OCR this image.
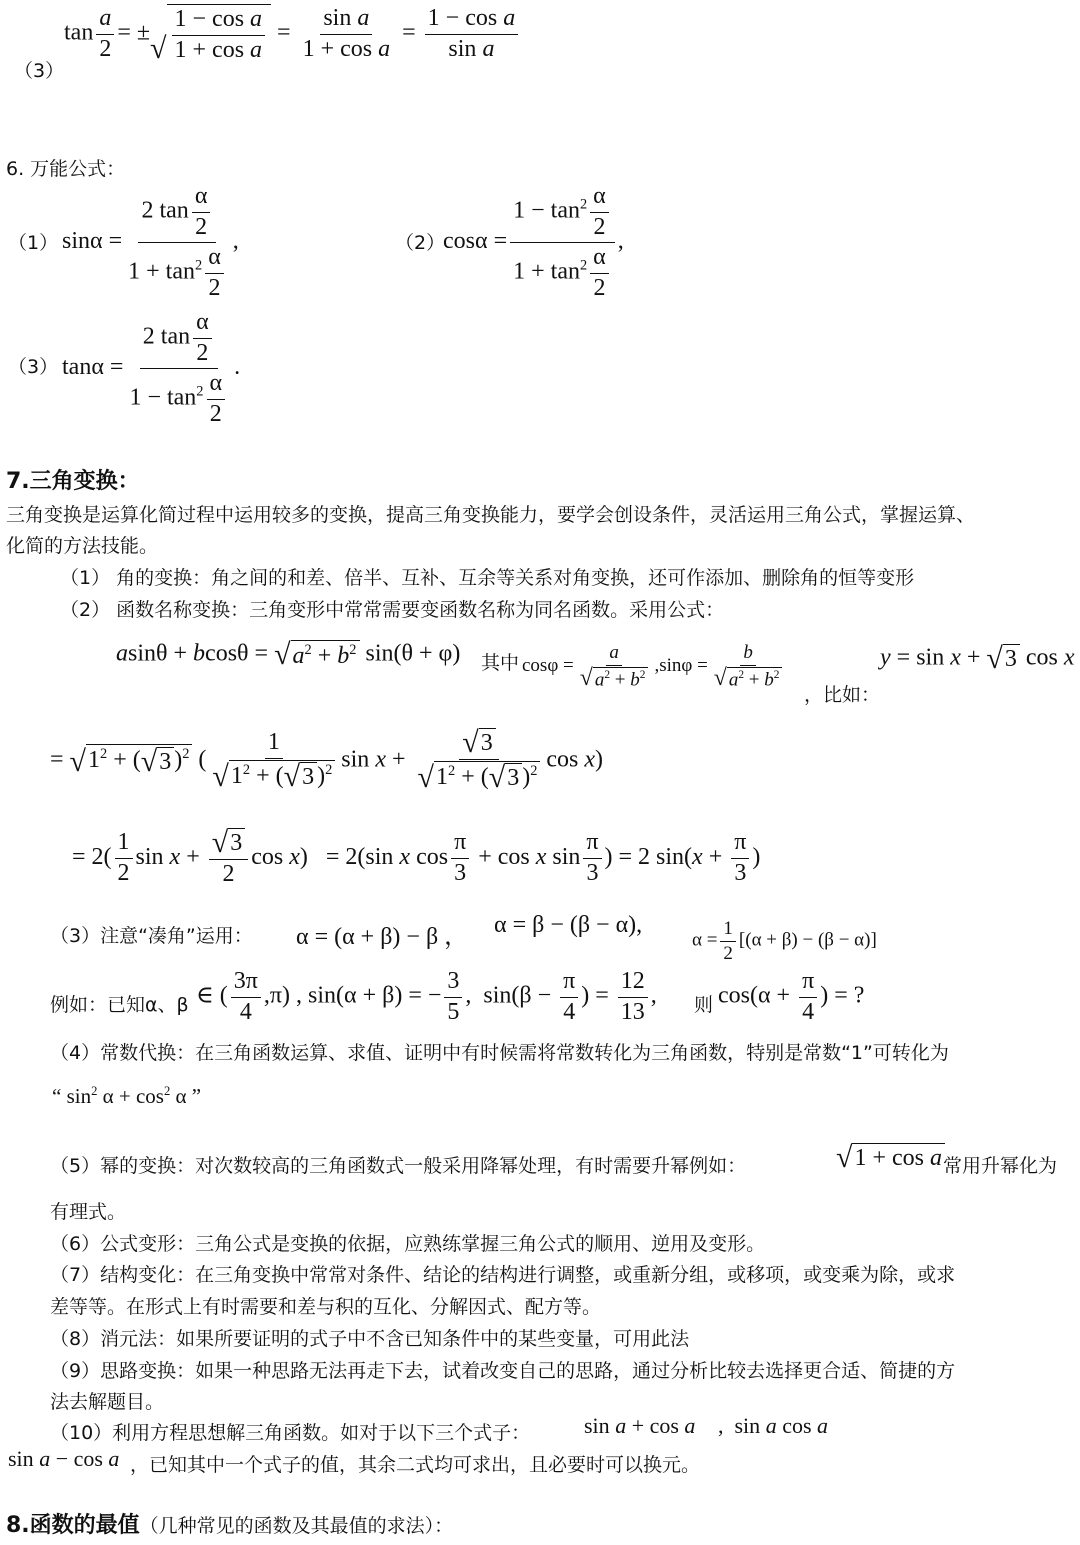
（3）
$\tan \frac{a}{2}$ = ± √ $\frac{\text{1 − cos a}}{\text{1 + cos a}} = \frac{\text{sin a}}{\text{1 + cos a}} = \frac{\text{1 − cos a}}{\text{sin a}}$
6. 万能公式：
（1） $\sin\alpha = \frac{2 \tan \frac{\alpha}{2}}{1 + \tan^2 \frac{\alpha}{2}}$ ,	（2）
$\cos\alpha = \frac{1 - \tan^2 \frac{\alpha}{2}}{1 + \tan^2 \frac{\alpha}{2}}$ ,
（3） $\tan\alpha = \frac{2 \tan \frac{\alpha}{2}}{1 - \tan^2 \frac{\alpha}{2}}$ .
7.三角变换：
三角变换是运算化简过程中运用较多的变换，提高三角变换能力，要学会创设条件，灵活运用三角公式，掌握运算、
化简的方法技能。
（1） 角的变换：角之间的和差、倍半、互补、互余等关系对角变换，还可作添加、删除角的恒等变形
（2） 函数名称变换：三角变形中常常需要变函数名称为同名函数。采用公式：
asinθ + bcosθ = √ $a^2 + b^2$ sin(θ + φ) 其中 $\cos\varphi = \frac{a}{√ a^2 + b^2} ,\sin\varphi = \frac{b}{√ a^2 + b^2}$
，比如：
y = sin x + √ 3 cos x
= √ $1^2$ + ( √ 3 )$^2$ ( $\frac{1}{√ 1^2 + ( √ 3 )^2}$ $\sin x + \frac{√ 3}{√ 1^2 + ( √ 3 )^2}$ cos x)
= $2( \frac{1}{2}$ $\sin x + \frac{√ 3}{2}$ cos x)   = 2(sin x $\cos \frac{\pi}{3} + \cos x$ $\sin \frac{\pi}{3}$ ) = 2 $\sin(x + \frac{\pi}{3}$ )
（3）注意“凑角”运用： α = (α + β) − β ， α = β − (β − α),
$\alpha = \frac{1}{2} [(\alpha + \beta) - (\beta - \alpha)]$
例如：已知α、β ∈ ( $\frac{3\pi}{4} ,\pi$) , sin(α + β) = − $\frac{3}{5}$ ,  $\sin(\beta - \frac{\pi}{4}$ ) = $\frac{12}{13}$ , 则 $\cos(\alpha + \frac{\pi}{4}$ ) = ?
（4）常数代换：在三角函数运算、求值、证明中有时候需将常数转化为三角函数，特别是常数“1”可转化为
“ $\sin^2 \alpha + \cos^2 \alpha$ ”
（5）幂的变换：对次数较高的三角函数式一般采用降幂处理，有时需要升幂例如：	√ 1 + cos a 常用升幂化为
有理式。
（6）公式变形：三角公式是变换的依据，应熟练掌握三角公式的顺用、逆用及变形。
（7）结构变化：在三角变换中常常对条件、结论的结构进行调整，或重新分组，或移项，或变乘为除，或求
差等等。在形式上有时需要和差与积的互化、分解因式、配方等。
（8）消元法：如果所要证明的式子中不含已知条件中的某些变量，可用此法
（9）思路变换：如果一种思路无法再走下去，试着改变自己的思路，通过分析比较去选择更合适、简捷的方
法去解题目。
（10）利用方程思想解三角函数。如对于以下三个式子： sin a + cos a ,  sin a cos a
sin a − cos a ，已知其中一个式子的值，其余二式均可求出，且必要时可以换元。
8.函数的最值（几种常见的函数及其最值的求法）：
